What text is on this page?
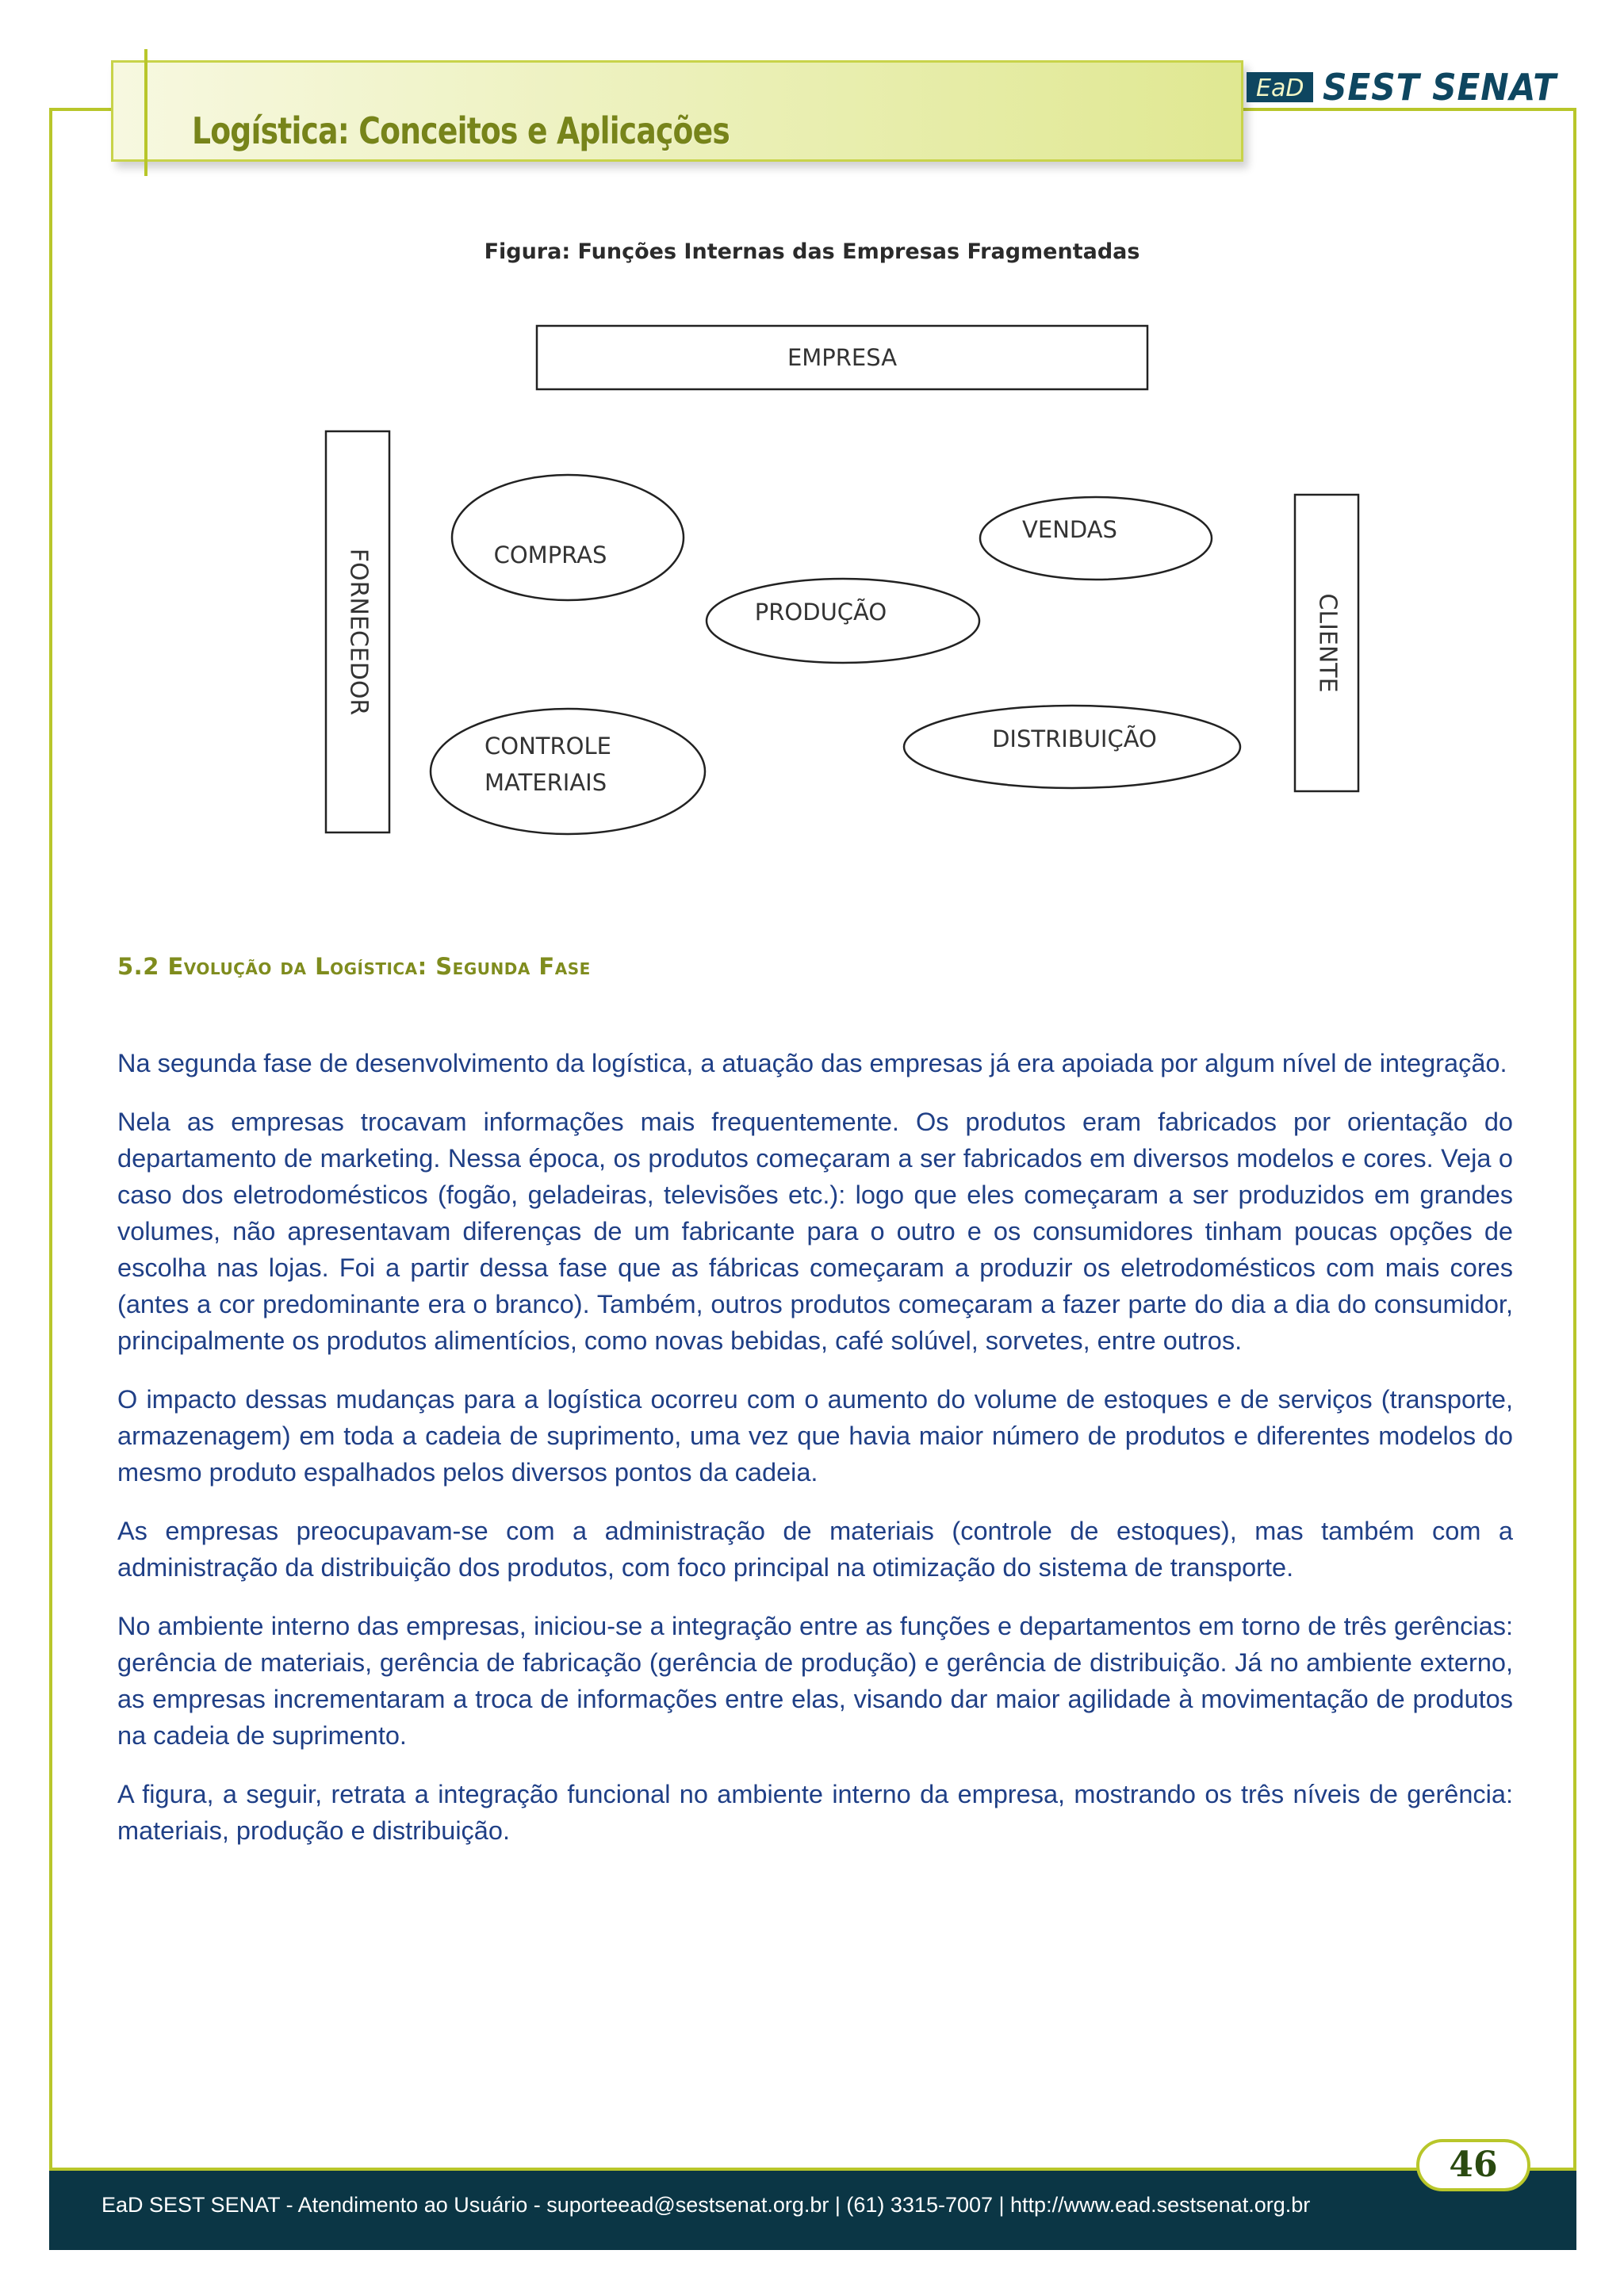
Logística: Conceitos e Aplicações
EaD SEST SENAT
Figura: Funções Internas das Empresas Fragmentadas
EMPRESA
FORNECEDOR	CLIENTE
COMPRAS
VENDAS
PRODUÇÃO
CONTROLE
MATERIAIS
DISTRIBUIÇÃO
5.2 Evolução da Logística: Segunda Fase

Na segunda fase de desenvolvimento da logística, a atuação das empresas já era apoiada por algum nível de integração.

Nela as empresas trocavam informações mais frequentemente. Os produtos eram fabricados por orientação do departamento de marketing. Nessa época, os produtos começaram a ser fabricados em diversos modelos e cores. Veja o caso dos eletrodomésticos (fogão, geladeiras, televisões etc.): logo que eles começaram a ser produzidos em grandes volumes, não apresentavam diferenças de um fabricante para o outro e os consumidores tinham poucas opções de escolha nas lojas. Foi a partir dessa fase que as fábricas começaram a produzir os eletrodomésticos com mais cores (antes a cor predominante era o branco). Também, outros produtos começaram a fazer parte do dia a dia do consumidor, principalmente os produtos alimentícios, como novas bebidas, café solúvel, sorvetes, entre outros.

O impacto dessas mudanças para a logística ocorreu com o aumento do volume de estoques e de serviços (transporte, armazenagem) em toda a cadeia de suprimento, uma vez que havia maior número de produtos e diferentes modelos do mesmo produto espalhados pelos diversos pontos da cadeia.

As empresas preocupavam-se com a administração de materiais (controle de estoques), mas também com a administração da distribuição dos produtos, com foco principal na otimização do sistema de transporte.

No ambiente interno das empresas, iniciou-se a integração entre as funções e departamentos em torno de três gerências: gerência de materiais, gerência de fabricação (gerência de produção) e gerência de distribuição. Já no ambiente externo, as empresas incrementaram a troca de informações entre elas, visando dar maior agilidade à movimentação de produtos na cadeia de suprimento.

A figura, a seguir, retrata a integração funcional no ambiente interno da empresa, mostrando os três níveis de gerência: materiais, produção e distribuição.

EaD SEST SENAT - Atendimento ao Usuário - suporteead@sestsenat.org.br | (61) 3315-7007 | http://www.ead.sestsenat.org.br
46
